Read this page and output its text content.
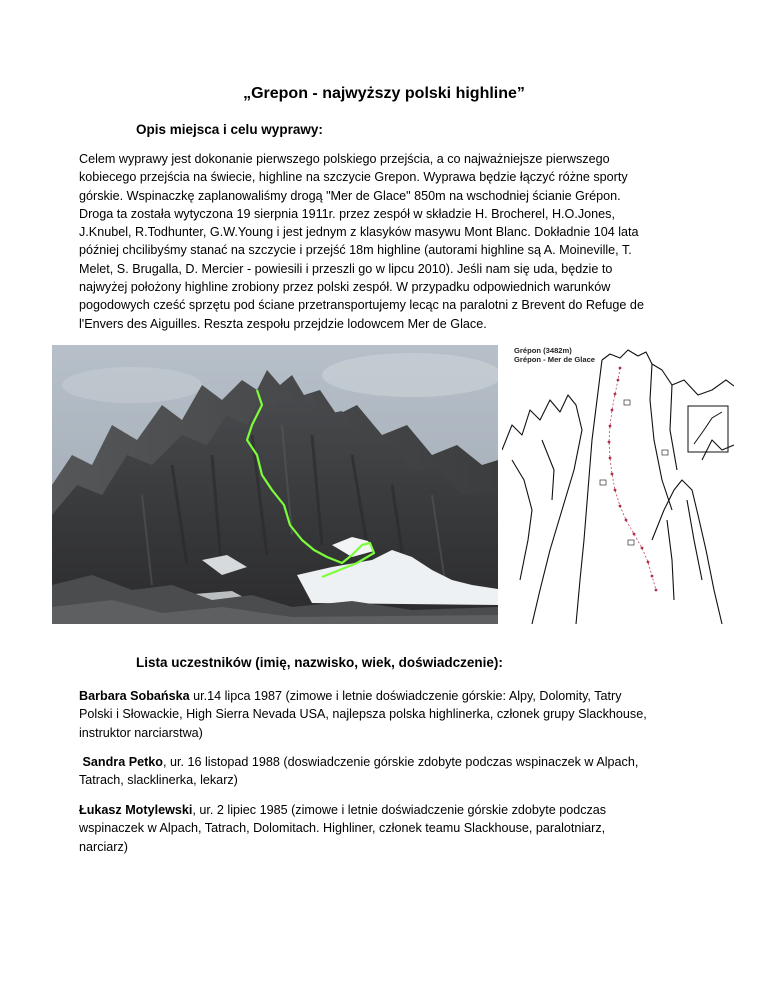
„Grepon - najwyższy polski highline”
Opis miejsca i celu wyprawy:
Celem wyprawy jest dokonanie pierwszego polskiego przejścia, a co najważniejsze pierwszego
kobiecego przejścia na świecie, highline na szczycie Grepon. Wyprawa będzie łączyć różne sporty
górskie. Wspinaczkę zaplanowaliśmy drogą "Mer de Glace" 850m na wschodniej ścianie Grépon.
Droga ta została wytyczona 19 sierpnia 1911r. przez zespół w składzie H. Brocherel, H.O.Jones,
J.Knubel, R.Todhunter, G.W.Young i jest jednym z klasyków masywu Mont Blanc. Dokładnie 104 lata
później chcilibyśmy stanać na szczycie i przejść 18m highline (autorami highline są A. Moineville, T.
Melet, S. Brugalla, D. Mercier - powiesili i przeszli go w lipcu 2010). Jeśli nam się uda, będzie to
najwyżej położony highline zrobiony przez polski zespół. W przypadku odpowiednich warunków
pogodowych cześć sprzętu pod ściane przetransportujemy lecąc na paralotni z Brevent do Refuge de
l'Envers des Aiguilles. Reszta zespołu przejdzie lodowcem Mer de Glace.
Grépon (3482m)
Grépon - Mer de Glace
Lista uczestników (imię, nazwisko, wiek, doświadczenie):
Barbara Sobańska ur.14 lipca 1987 (zimowe i letnie doświadczenie górskie: Alpy, Dolomity, Tatry
Polski i Słowackie, High Sierra Nevada USA, najlepsza polska highlinerka, członek grupy Slackhouse,
instruktor narciarstwa)
Sandra Petko, ur. 16 listopad 1988 (doswiadczenie górskie zdobyte podczas wspinaczek w Alpach,
Tatrach, slacklinerka, lekarz)
Łukasz Motylewski, ur. 2 lipiec 1985 (zimowe i letnie doświadczenie górskie zdobyte podczas
wspinaczek w Alpach, Tatrach, Dolomitach. Highliner, członek teamu Slackhouse, paralotniarz,
narciarz)
